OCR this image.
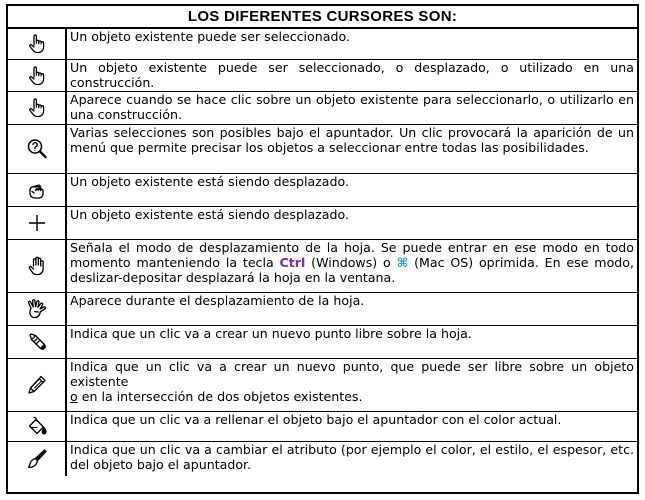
LOS DIFERENTES CURSORES SON:
Un objeto existente puede ser seleccionado.
Un objeto existente puede ser seleccionado, o desplazado, o utilizado en una construcción.
Aparece cuando se hace clic sobre un objeto existente para seleccionarlo, o utilizarlo en una construcción.
Varias selecciones son posibles bajo el apuntador. Un clic provocará la aparición de un menú que permite precisar los objetos a seleccionar entre todas las posibilidades.
Un objeto existente está siendo desplazado.
Un objeto existente está siendo desplazado.
Señala el modo de desplazamiento de la hoja. Se puede entrar en ese modo en todo momento manteniendo la tecla Ctrl (Windows) o ⌘ (Mac OS) oprimida. En ese modo, deslizar-depositar desplazará la hoja en la ventana.
Aparece durante el desplazamiento de la hoja.
Indica que un clic va a crear un nuevo punto libre sobre la hoja.
Indica que un clic va a crear un nuevo punto, que puede ser libre sobre un objeto existente
o en la intersección de dos objetos existentes.
Indica que un clic va a rellenar el objeto bajo el apuntador con el color actual.
Indica que un clic va a cambiar el atributo (por ejemplo el color, el estilo, el espesor, etc. del objeto bajo el apuntador.
